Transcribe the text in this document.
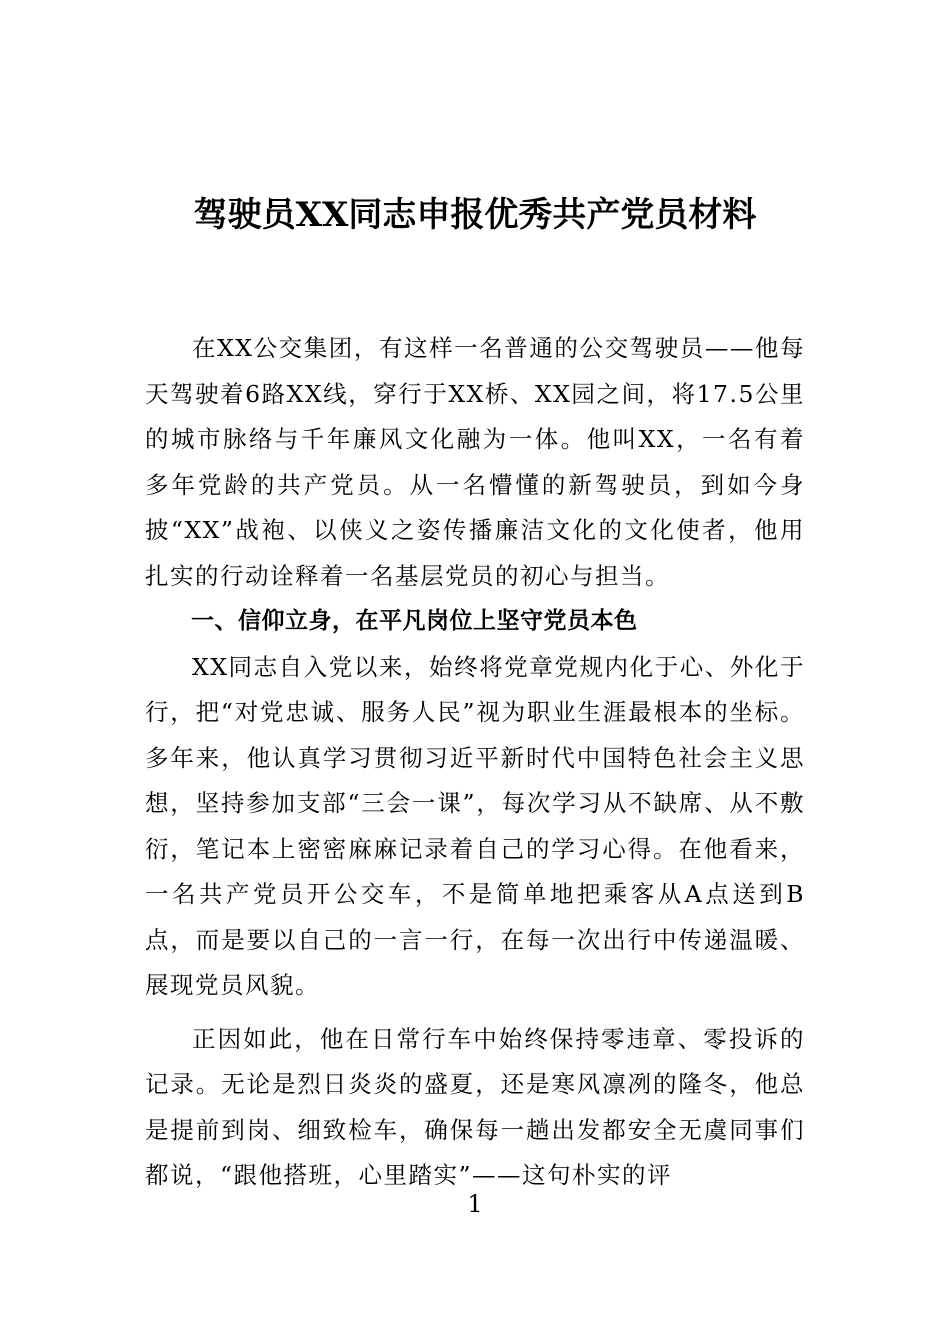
驾驶员XX同志申报优秀共产党员材料

在XX公交集团，有这样一名普通的公交驾驶员——他每天驾驶着6路XX线，穿行于XX桥、XX园之间，将17.5公里的城市脉络与千年廉风文化融为一体。他叫XX，一名有着多年党龄的共产党员。从一名懵懂的新驾驶员，到如今身披“XX”战袍、以侠义之姿传播廉洁文化的文化使者，他用扎实的行动诠释着一名基层党员的初心与担当。

一、信仰立身，在平凡岗位上坚守党员本色

XX同志自入党以来，始终将党章党规内化于心、外化于行，把“对党忠诚、服务人民”视为职业生涯最根本的坐标。多年来，他认真学习贯彻习近平新时代中国特色社会主义思想，坚持参加支部“三会一课”，每次学习从不缺席、从不敷衍，笔记本上密密麻麻记录着自己的学习心得。在他看来，一名共产党员开公交车，不是简单地把乘客从A点送到B点，而是要以自己的一言一行，在每一次出行中传递温暖、展现党员风貌。

正因如此，他在日常行车中始终保持零违章、零投诉的记录。无论是烈日炎炎的盛夏，还是寒风凛冽的隆冬，他总是提前到岗、细致检车，确保每一趟出发都安全无虞同事们都说，“跟他搭班，心里踏实”——这句朴实的评

1
